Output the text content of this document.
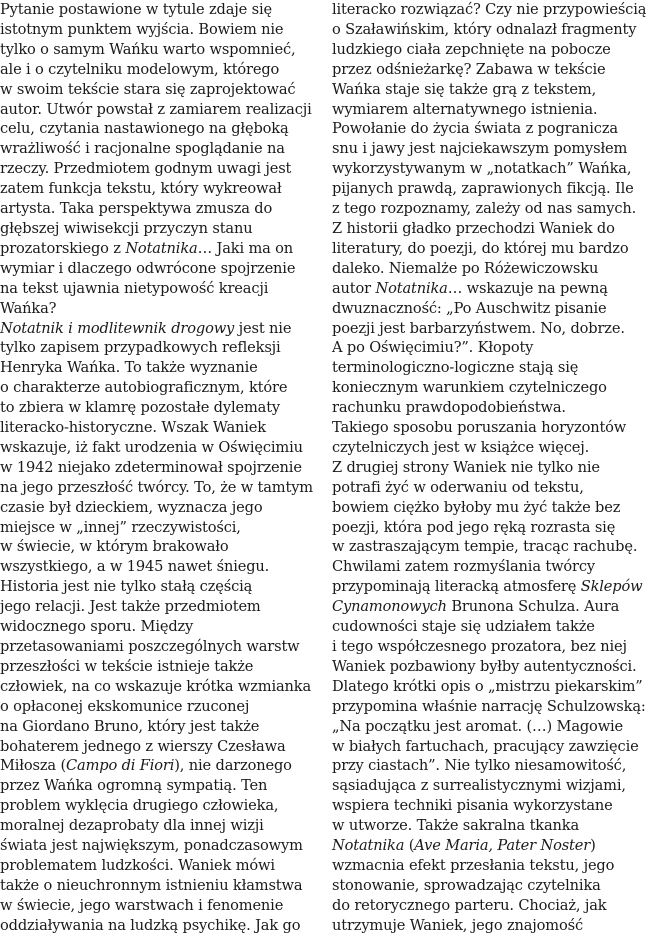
Pytanie postawione w tytule zdaje się
istotnym punktem wyjścia. Bowiem nie
tylko o samym Wańku warto wspomnieć,
ale i o czytelniku modelowym, którego
w swoim tekście stara się zaprojektować
autor. Utwór powstał z zamiarem realizacji
celu, czytania nastawionego na głęboką
wrażliwość i racjonalne spoglądanie na
rzeczy. Przedmiotem godnym uwagi jest
zatem funkcja tekstu, który wykreował
artysta. Taka perspektywa zmusza do
głębszej wiwisekcji przyczyn stanu
prozatorskiego z Notatnika… Jaki ma on
wymiar i dlaczego odwrócone spojrzenie
na tekst ujawnia nietypowość kreacji
Wańka?
Notatnik i modlitewnik drogowy jest nie
tylko zapisem przypadkowych refleksji
Henryka Wańka. To także wyznanie
o charakterze autobiograficznym, które
to zbiera w klamrę pozostałe dylematy
literacko-historyczne. Wszak Waniek
wskazuje, iż fakt urodzenia w Oświęcimiu
w 1942 niejako zdeterminował spojrzenie
na jego przeszłość twórcy. To, że w tamtym
czasie był dzieckiem, wyznacza jego
miejsce w „innej” rzeczywistości,
w świecie, w którym brakowało
wszystkiego, a w 1945 nawet śniegu.
Historia jest nie tylko stałą częścią
jego relacji. Jest także przedmiotem
widocznego sporu. Między
przetasowaniami poszczególnych warstw
przeszłości w tekście istnieje także
człowiek, na co wskazuje krótka wzmianka
o opłaconej ekskomunice rzuconej
na Giordano Bruno, który jest także
bohaterem jednego z wierszy Czesława
Miłosza (Campo di Fiori), nie darzonego
przez Wańka ogromną sympatią. Ten
problem wyklęcia drugiego człowieka,
moralnej dezaprobaty dla innej wizji
świata jest największym, ponadczasowym
problematem ludzkości. Waniek mówi
także o nieuchronnym istnieniu kłamstwa
w świecie, jego warstwach i fenomenie
oddziaływania na ludzką psychikę. Jak go
literacko rozwiązać? Czy nie przypowieścią
o Szaławińskim, który odnalazł fragmenty
ludzkiego ciała zepchnięte na pobocze
przez odśnieżarkę? Zabawa w tekście
Wańka staje się także grą z tekstem,
wymiarem alternatywnego istnienia.
Powołanie do życia świata z pogranicza
snu i jawy jest najciekawszym pomysłem
wykorzystywanym w „notatkach” Wańka,
pijanych prawdą, zaprawionych fikcją. Ile
z tego rozpoznamy, zależy od nas samych.
Z historii gładko przechodzi Waniek do
literatury, do poezji, do której mu bardzo
daleko. Niemalże po Różewiczowsku
autor Notatnika… wskazuje na pewną
dwuznaczność: „Po Auschwitz pisanie
poezji jest barbarzyństwem. No, dobrze.
A po Oświęcimiu?”. Kłopoty
terminologiczno-logiczne stają się
koniecznym warunkiem czytelniczego
rachunku prawdopodobieństwa.
Takiego sposobu poruszania horyzontów
czytelniczych jest w książce więcej.
Z drugiej strony Waniek nie tylko nie
potrafi żyć w oderwaniu od tekstu,
bowiem ciężko byłoby mu żyć także bez
poezji, która pod jego ręką rozrasta się
w zastraszającym tempie, tracąc rachubę.
Chwilami zatem rozmyślania twórcy
przypominają literacką atmosferę Sklepów
Cynamonowych Brunona Schulza. Aura
cudowności staje się udziałem także
i tego współczesnego prozatora, bez niej
Waniek pozbawiony byłby autentyczności.
Dlatego krótki opis o „mistrzu piekarskim”
przypomina właśnie narrację Schulzowską:
„Na początku jest aromat. (…) Magowie
w białych fartuchach, pracujący zawzięcie
przy ciastach”. Nie tylko niesamowitość,
sąsiadująca z surrealistycznymi wizjami,
wspiera techniki pisania wykorzystane
w utworze. Także sakralna tkanka
Notatnika (Ave Maria, Pater Noster)
wzmacnia efekt przesłania tekstu, jego
stonowanie, sprowadzając czytelnika
do retorycznego parteru. Chociaż, jak
utrzymuje Waniek, jego znajomość
